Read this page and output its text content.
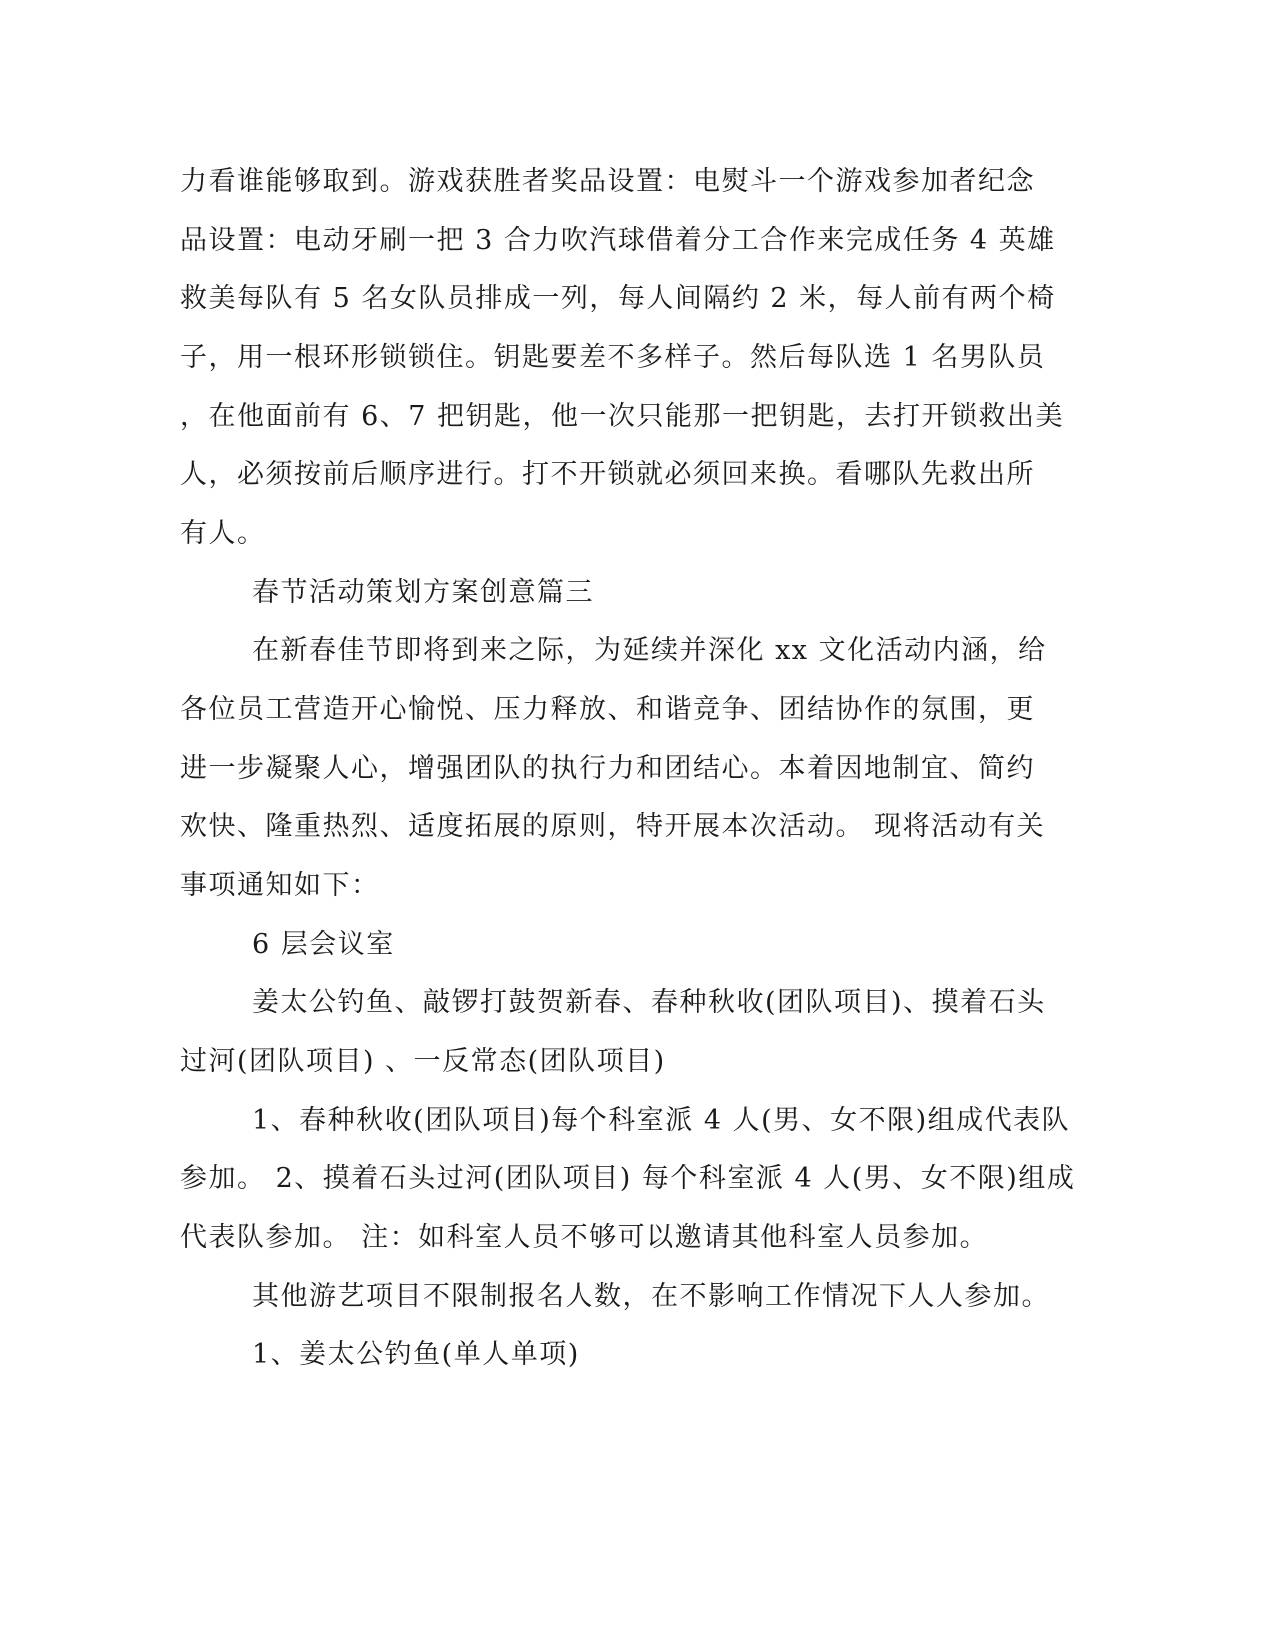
力看谁能够取到。游戏获胜者奖品设置：电熨斗一个游戏参加者纪念
品设置：电动牙刷一把 3 合力吹汽球借着分工合作来完成任务 4 英雄
救美每队有 5 名女队员排成一列，每人间隔约 2 米，每人前有两个椅
子，用一根环形锁锁住。钥匙要差不多样子。然后每队选 1 名男队员
，在他面前有 6、7 把钥匙，他一次只能那一把钥匙，去打开锁救出美
人，必须按前后顺序进行。打不开锁就必须回来换。看哪队先救出所
有人。
春节活动策划方案创意篇三
在新春佳节即将到来之际，为延续并深化 xx 文化活动内涵，给
各位员工营造开心愉悦、压力释放、和谐竞争、团结协作的氛围，更
进一步凝聚人心，增强团队的执行力和团结心。本着因地制宜、简约
欢快、隆重热烈、适度拓展的原则，特开展本次活动。 现将活动有关
事项通知如下：
6 层会议室
姜太公钓鱼、敲锣打鼓贺新春、春种秋收(团队项目)、摸着石头
过河(团队项目) 、一反常态(团队项目)
1、春种秋收(团队项目)每个科室派 4 人(男、女不限)组成代表队
参加。 2、摸着石头过河(团队项目) 每个科室派 4 人(男、女不限)组成
代表队参加。 注：如科室人员不够可以邀请其他科室人员参加。
其他游艺项目不限制报名人数，在不影响工作情况下人人参加。
1、姜太公钓鱼(单人单项)
